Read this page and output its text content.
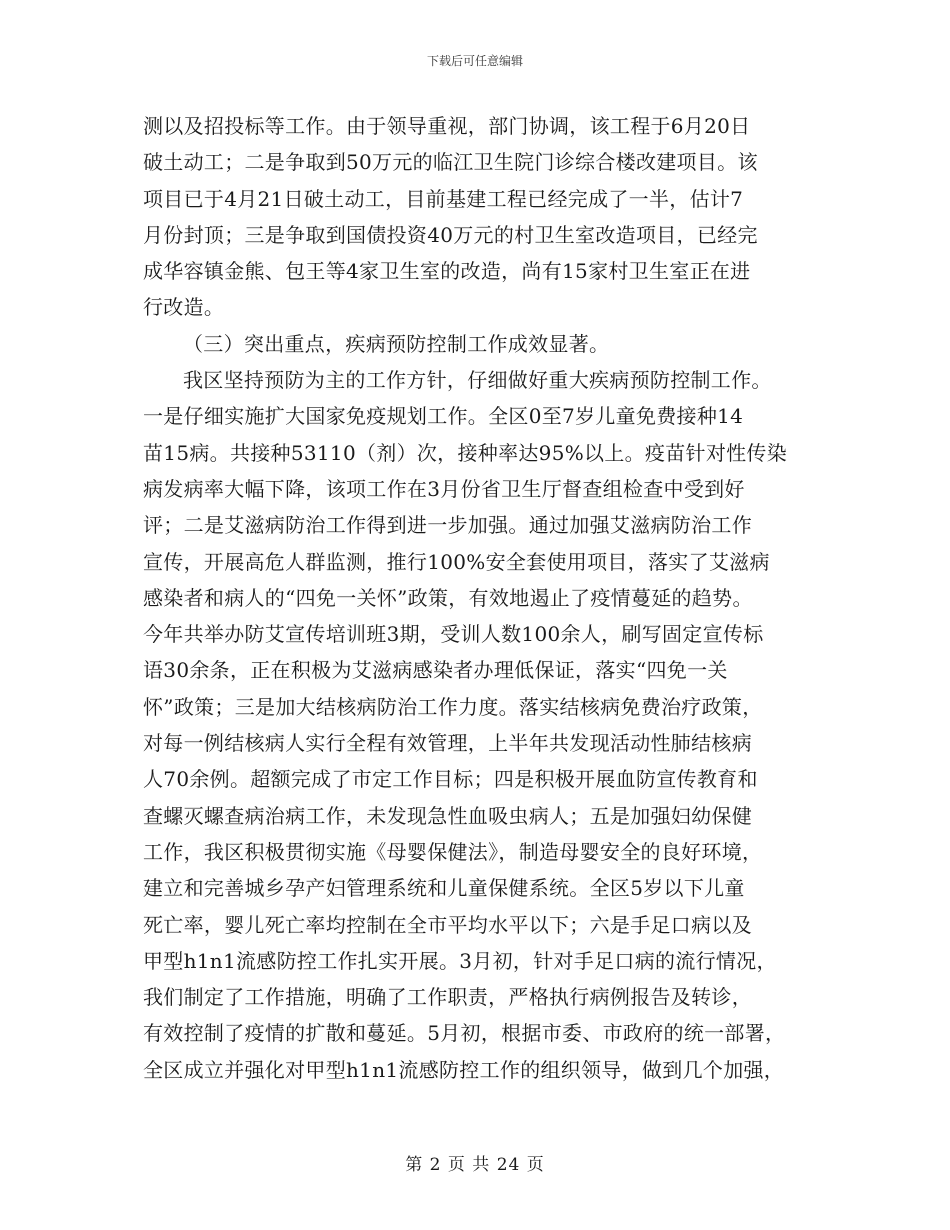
下载后可任意编辑
测以及招投标等工作。由于领导重视，部门协调，该工程于6月20日
破土动工；二是争取到50万元的临江卫生院门诊综合楼改建项目。该
项目已于4月21日破土动工，目前基建工程已经完成了一半，估计7
月份封顶；三是争取到国债投资40万元的村卫生室改造项目，已经完
成华容镇金熊、包王等4家卫生室的改造，尚有15家村卫生室正在进
行改造。
（三）突出重点，疾病预防控制工作成效显著。
我区坚持预防为主的工作方针，仔细做好重大疾病预防控制工作。
一是仔细实施扩大国家免疫规划工作。全区0至7岁儿童免费接种14
苗15病。共接种53110（剂）次，接种率达95%以上。疫苗针对性传染
病发病率大幅下降，该项工作在3月份省卫生厅督查组检查中受到好
评；二是艾滋病防治工作得到进一步加强。通过加强艾滋病防治工作
宣传，开展高危人群监测，推行100%安全套使用项目，落实了艾滋病
感染者和病人的“四免一关怀”政策，有效地遏止了疫情蔓延的趋势。
今年共举办防艾宣传培训班3期，受训人数100余人，刷写固定宣传标
语30余条，正在积极为艾滋病感染者办理低保证，落实“四免一关
怀”政策；三是加大结核病防治工作力度。落实结核病免费治疗政策，
对每一例结核病人实行全程有效管理，上半年共发现活动性肺结核病
人70余例。超额完成了市定工作目标；四是积极开展血防宣传教育和
查螺灭螺查病治病工作，未发现急性血吸虫病人；五是加强妇幼保健
工作，我区积极贯彻实施《母婴保健法》，制造母婴安全的良好环境，
建立和完善城乡孕产妇管理系统和儿童保健系统。全区5岁以下儿童
死亡率，婴儿死亡率均控制在全市平均水平以下；六是手足口病以及
甲型h1n1流感防控工作扎实开展。3月初，针对手足口病的流行情况，
我们制定了工作措施，明确了工作职责，严格执行病例报告及转诊，
有效控制了疫情的扩散和蔓延。5月初，根据市委、市政府的统一部署，
全区成立并强化对甲型h1n1流感防控工作的组织领导，做到几个加强，
第 2 页 共 24 页
